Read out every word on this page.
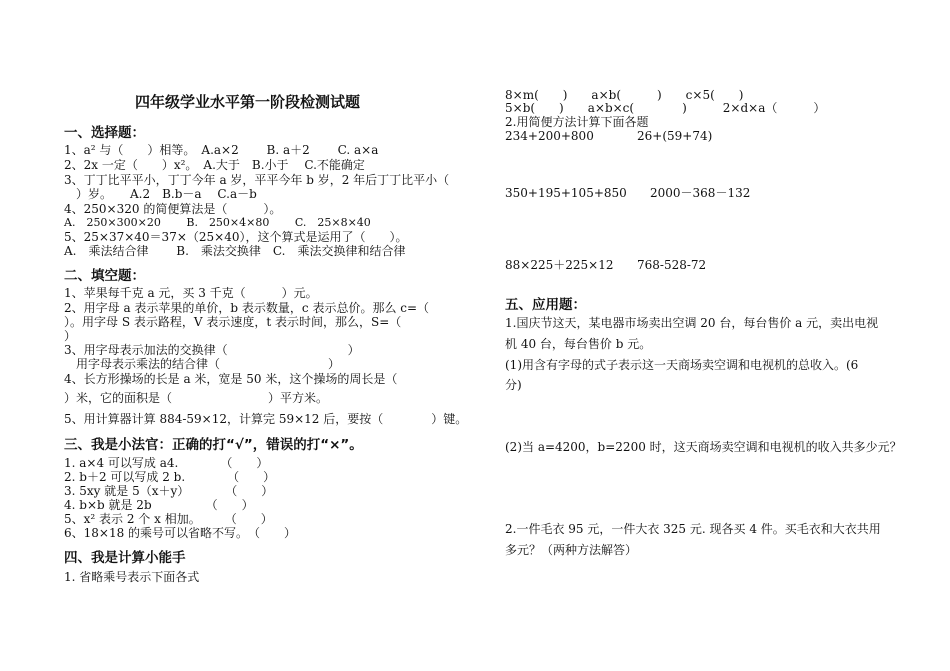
四年级学业水平第一阶段检测试题
一、选择题：
1、a² 与（　　）相等。　A.a×2　　 B. a＋2　　 C. a×a
2、2x 一定（　　）x²。　A.大于　B.小于　 C.不能确定
3、丁丁比平平小，丁丁今年 a 岁，平平今年 b 岁，2 年后丁丁比平小（
　）岁。　　A.2　B.b－a　 C.a－b
4、250×320 的简便算法是（　　　）。
A.　250×300×20　　 B.　250×4×80　　 C.　25×8×40
5、25×37×40＝37×（25×40），这个算式是运用了（　　）。
A.　乘法结合律　　 B.　乘法交换律　C.　乘法交换律和结合律
二、填空题：
1、苹果每千克 a 元，买 3 千克（　　　）元。
2、用字母 a 表示苹果的单价，b 表示数量，c 表示总价。那么 c=（
）。用字母 S 表示路程，V 表示速度，t 表示时间，那么，S=（
）
3、用字母表示加法的交换律（　　　　　　　　　　）
　用字母表示乘法的结合律（　　　　　　　　　）
4、长方形操场的长是 a 米，宽是 50 米，这个操场的周长是（
）米，它的面积是（　　　　　　　　）平方米。
5、用计算器计算 884-59×12，计算完 59×12 后，要按（　　　　）键。
三、我是小法官：正确的打“√”，错误的打“×”。
1. a×4 可以写成 a4.　　　　（　　）
2. b＋2 可以写成 2 b.　　　　（　　）
3. 5xy 就是 5（x＋y）　　　　（　　）
4. b×b 就是 2b　　　　　（　　）
5、x² 表示 2 个 x 相加。　　　（　　）
6、18×18 的乘号可以省略不写。　（　　）
四、我是计算小能手
1. 省略乘号表示下面各式
8×m(　　)　　a×b(　　　)　　c×5(　　)
5×b(　　)　　a×b×c(　　　　)　　　2×d×a（　　　）
2.用简便方法计算下面各题
234+200+800	26+(59+74)
350+195+105+850 2000－368－132
88×225＋225×12 768-528-72
五、应用题：
1.国庆节这天，某电器市场卖出空调 20 台，每台售价 a 元，卖出电视
机 40 台，每台售价 b 元。
(1)用含有字母的式子表示这一天商场卖空调和电视机的总收入。(6
分)
(2)当 a=4200，b=2200 时，这天商场卖空调和电视机的收入共多少元？
2.一件毛衣 95 元，一件大衣 325 元. 现各买 4 件。买毛衣和大衣共用
多元？（两种方法解答）
